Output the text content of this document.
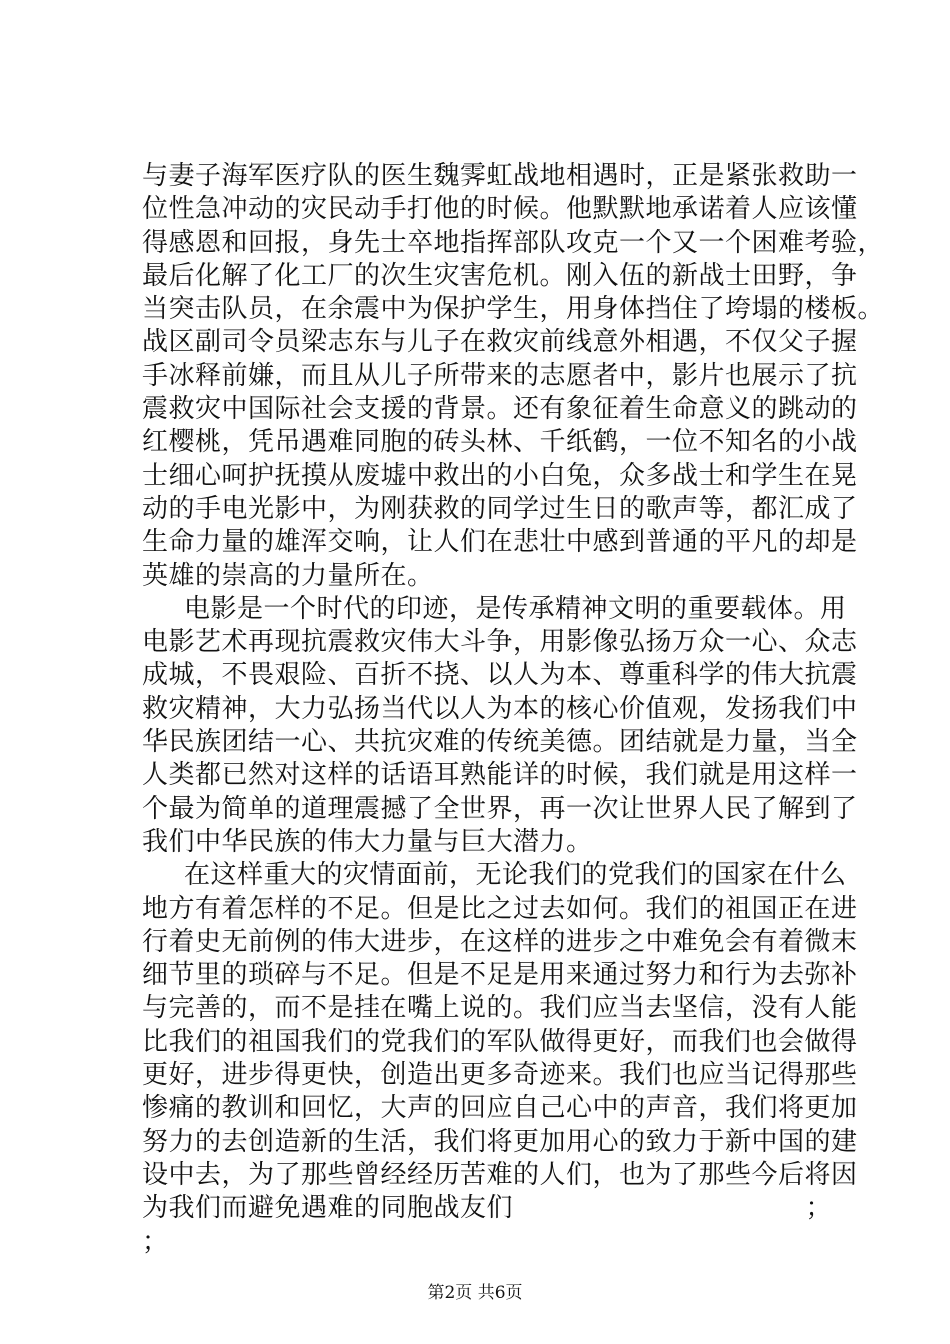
与妻子海军医疗队的医生魏霁虹战地相遇时，正是紧张救助一
位性急冲动的灾民动手打他的时候。他默默地承诺着人应该懂
得感恩和回报，身先士卒地指挥部队攻克一个又一个困难考验，
最后化解了化工厂的次生灾害危机。刚入伍的新战士田野，争
当突击队员，在余震中为保护学生，用身体挡住了垮塌的楼板。
战区副司令员梁志东与儿子在救灾前线意外相遇，不仅父子握
手冰释前嫌，而且从儿子所带来的志愿者中，影片也展示了抗
震救灾中国际社会支援的背景。还有象征着生命意义的跳动的
红樱桃，凭吊遇难同胞的砖头林、千纸鹤，一位不知名的小战
士细心呵护抚摸从废墟中救出的小白兔，众多战士和学生在晃
动的手电光影中，为刚获救的同学过生日的歌声等，都汇成了
生命力量的雄浑交响，让人们在悲壮中感到普通的平凡的却是
英雄的崇高的力量所在。
电影是一个时代的印迹，是传承精神文明的重要载体。用
电影艺术再现抗震救灾伟大斗争，用影像弘扬万众一心、众志
成城，不畏艰险、百折不挠、以人为本、尊重科学的伟大抗震
救灾精神，大力弘扬当代以人为本的核心价值观，发扬我们中
华民族团结一心、共抗灾难的传统美德。团结就是力量，当全
人类都已然对这样的话语耳熟能详的时候，我们就是用这样一
个最为简单的道理震撼了全世界，再一次让世界人民了解到了
我们中华民族的伟大力量与巨大潜力。
在这样重大的灾情面前，无论我们的党我们的国家在什么
地方有着怎样的不足。但是比之过去如何。我们的祖国正在进
行着史无前例的伟大进步，在这样的进步之中难免会有着微末
细节里的琐碎与不足。但是不足是用来通过努力和行为去弥补
与完善的，而不是挂在嘴上说的。我们应当去坚信，没有人能
比我们的祖国我们的党我们的军队做得更好，而我们也会做得
更好，进步得更快，创造出更多奇迹来。我们也应当记得那些
惨痛的教训和回忆，大声的回应自己心中的声音，我们将更加
努力的去创造新的生活，我们将更加用心的致力于新中国的建
设中去，为了那些曾经经历苦难的人们，也为了那些今后将因
为我们而避免遇难的同胞战友们	；
；
第2页 共6页
